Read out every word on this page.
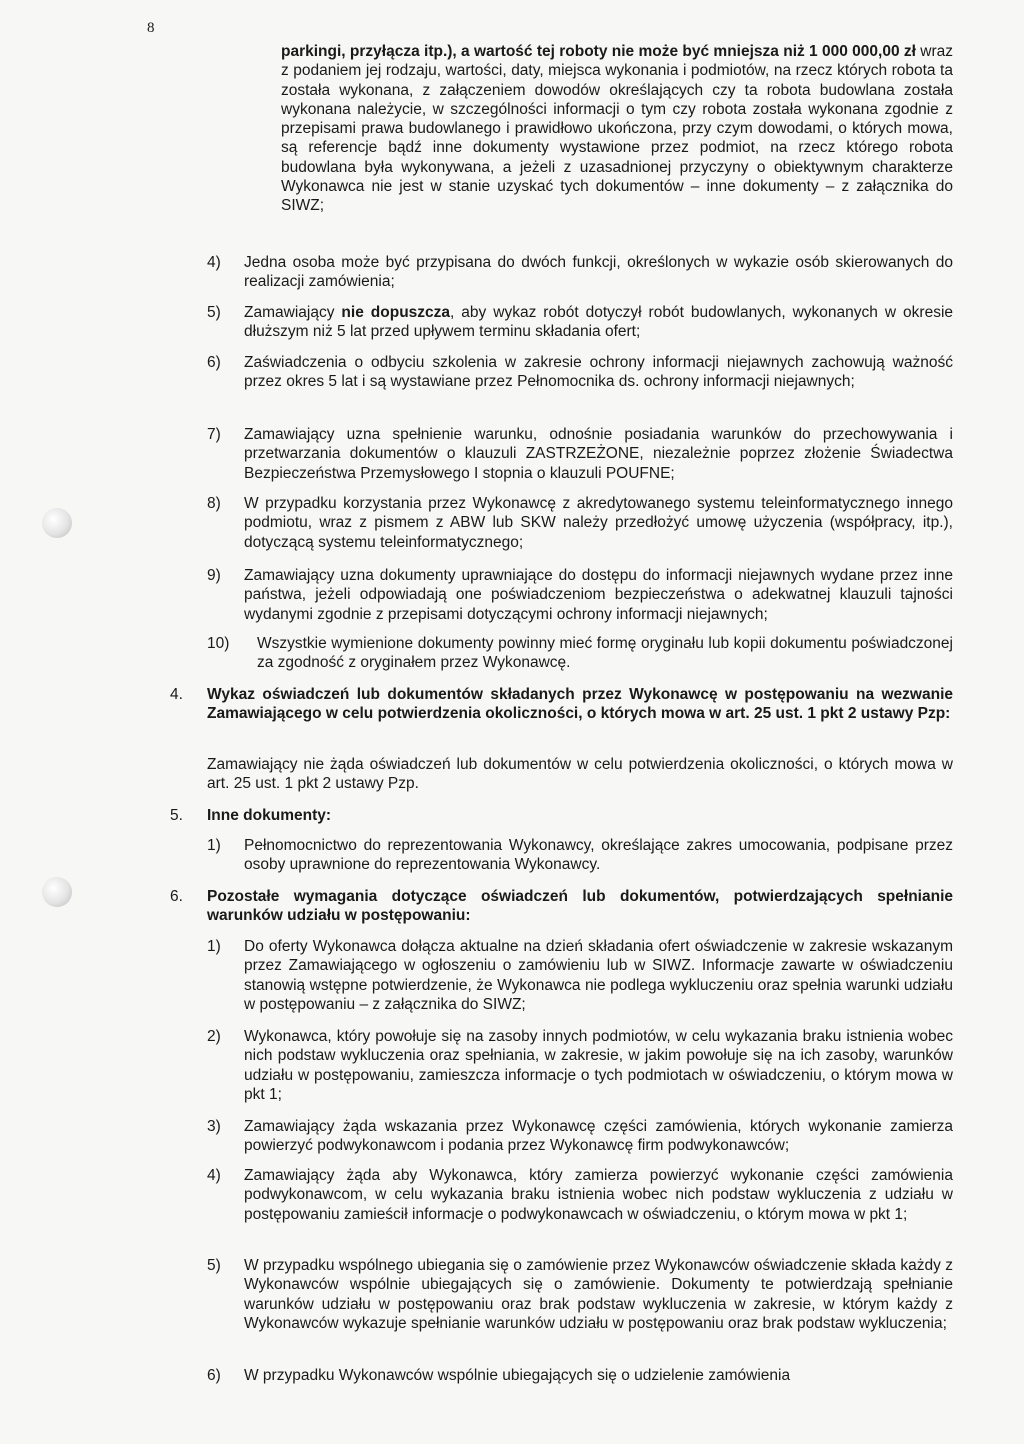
8
parkingi, przyłącza itp.), a wartość tej roboty nie może być mniejsza niż 1 000 000,00 zł wraz z podaniem jej rodzaju, wartości, daty, miejsca wykonania i podmiotów, na rzecz których robota ta została wykonana, z załączeniem dowodów określających czy ta robota budowlana została wykonana należycie, w szczególności informacji o tym czy robota została wykonana zgodnie z przepisami prawa budowlanego i prawidłowo ukończona, przy czym dowodami, o których mowa, są referencje bądź inne dokumenty wystawione przez podmiot, na rzecz którego robota budowlana była wykonywana, a jeżeli z uzasadnionej przyczyny o obiektywnym charakterze Wykonawca nie jest w stanie uzyskać tych dokumentów – inne dokumenty – z załącznika do SIWZ;
4) Jedna osoba może być przypisana do dwóch funkcji, określonych w wykazie osób skierowanych do realizacji zamówienia;
5) Zamawiający nie dopuszcza, aby wykaz robót dotyczył robót budowlanych, wykonanych w okresie dłuższym niż 5 lat przed upływem terminu składania ofert;
6) Zaświadczenia o odbyciu szkolenia w zakresie ochrony informacji niejawnych zachowują ważność przez okres 5 lat i są wystawiane przez Pełnomocnika ds. ochrony informacji niejawnych;
7) Zamawiający uzna spełnienie warunku, odnośnie posiadania warunków do przechowywania i przetwarzania dokumentów o klauzuli ZASTRZEŻONE, niezależnie poprzez złożenie Świadectwa Bezpieczeństwa Przemysłowego I stopnia o klauzuli POUFNE;
8) W przypadku korzystania przez Wykonawcę z akredytowanego systemu teleinformatycznego innego podmiotu, wraz z pismem z ABW lub SKW należy przedłożyć umowę użyczenia (współpracy, itp.), dotyczącą systemu teleinformatycznego;
9) Zamawiający uzna dokumenty uprawniające do dostępu do informacji niejawnych wydane przez inne państwa, jeżeli odpowiadają one poświadczeniom bezpieczeństwa o adekwatnej klauzuli tajności wydanymi zgodnie z przepisami dotyczącymi ochrony informacji niejawnych;
10) Wszystkie wymienione dokumenty powinny mieć formę oryginału lub kopii dokumentu poświadczonej za zgodność z oryginałem przez Wykonawcę.
4. Wykaz oświadczeń lub dokumentów składanych przez Wykonawcę w postępowaniu na wezwanie Zamawiającego w celu potwierdzenia okoliczności, o których mowa w art. 25 ust. 1 pkt 2 ustawy Pzp:
Zamawiający nie żąda oświadczeń lub dokumentów w celu potwierdzenia okoliczności, o których mowa w art. 25 ust. 1 pkt 2 ustawy Pzp.
5. Inne dokumenty:
1) Pełnomocnictwo do reprezentowania Wykonawcy, określające zakres umocowania, podpisane przez osoby uprawnione do reprezentowania Wykonawcy.
6. Pozostałe wymagania dotyczące oświadczeń lub dokumentów, potwierdzających spełnianie warunków udziału w postępowaniu:
1) Do oferty Wykonawca dołącza aktualne na dzień składania ofert oświadczenie w zakresie wskazanym przez Zamawiającego w ogłoszeniu o zamówieniu lub w SIWZ. Informacje zawarte w oświadczeniu stanowią wstępne potwierdzenie, że Wykonawca nie podlega wykluczeniu oraz spełnia warunki udziału w postępowaniu – z załącznika do SIWZ;
2) Wykonawca, który powołuje się na zasoby innych podmiotów, w celu wykazania braku istnienia wobec nich podstaw wykluczenia oraz spełniania, w zakresie, w jakim powołuje się na ich zasoby, warunków udziału w postępowaniu, zamieszcza informacje o tych podmiotach w oświadczeniu, o którym mowa w pkt 1;
3) Zamawiający żąda wskazania przez Wykonawcę części zamówienia, których wykonanie zamierza powierzyć podwykonawcom i podania przez Wykonawcę firm podwykonawców;
4) Zamawiający żąda aby Wykonawca, który zamierza powierzyć wykonanie części zamówienia podwykonawcom, w celu wykazania braku istnienia wobec nich podstaw wykluczenia z udziału w postępowaniu zamieścił informacje o podwykonawcach w oświadczeniu, o którym mowa w pkt 1;
5) W przypadku wspólnego ubiegania się o zamówienie przez Wykonawców oświadczenie składa każdy z Wykonawców wspólnie ubiegających się o zamówienie. Dokumenty te potwierdzają spełnianie warunków udziału w postępowaniu oraz brak podstaw wykluczenia w zakresie, w którym każdy z Wykonawców wykazuje spełnianie warunków udziału w postępowaniu oraz brak podstaw wykluczenia;
6) W przypadku Wykonawców wspólnie ubiegających się o udzielenie zamówienia
